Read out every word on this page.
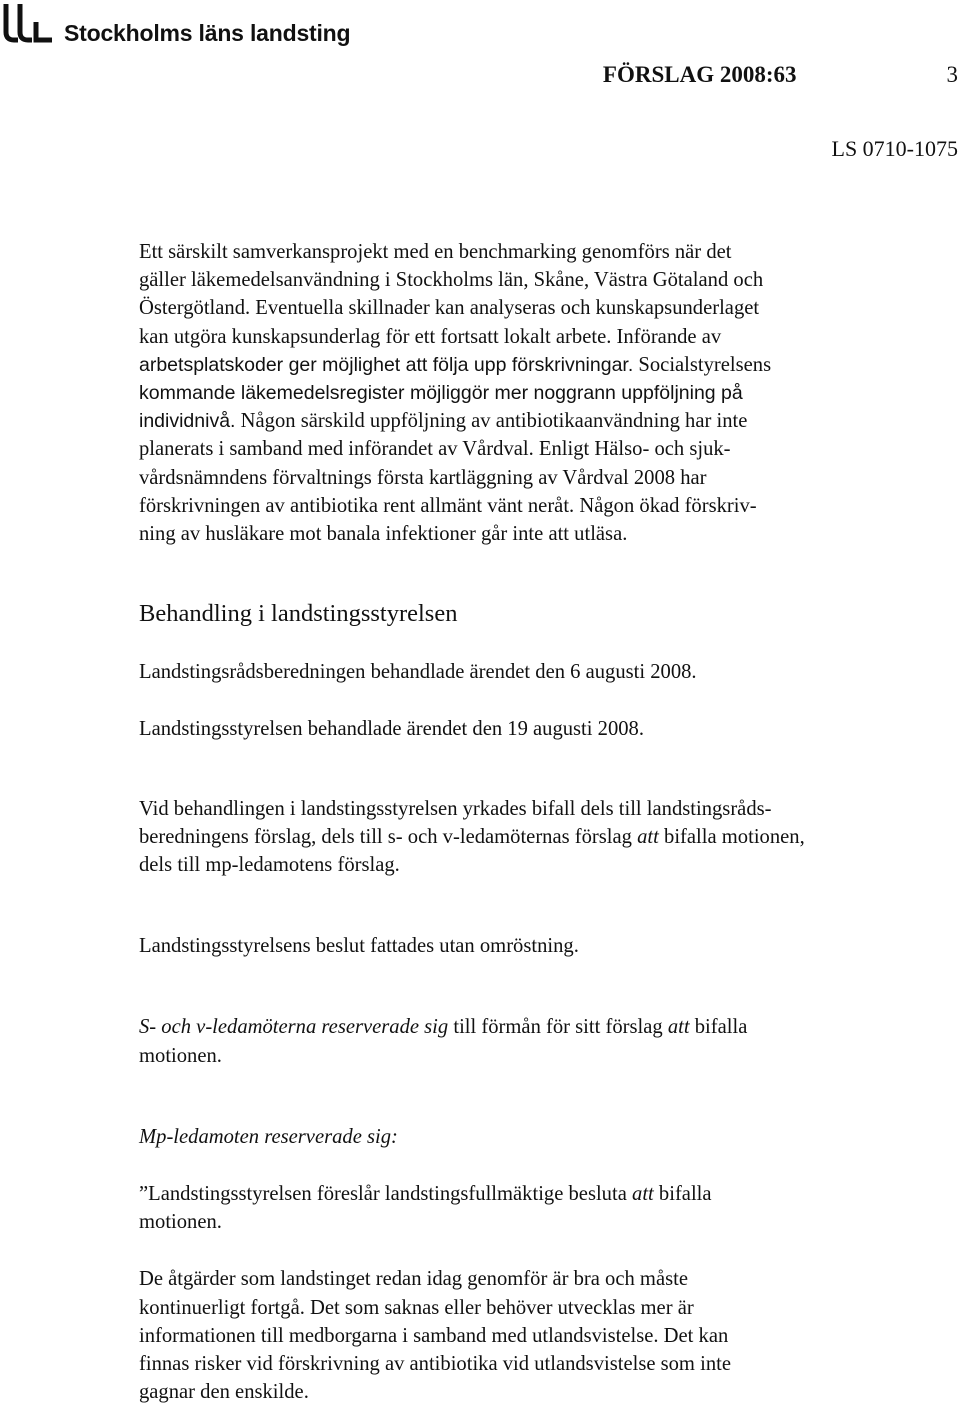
Stockholms läns landsting
FÖRSLAG 2008:63	3
LS 0710-1075

Ett särskilt samverkansprojekt med en benchmarking genomförs när det
gäller läkemedelsanvändning i Stockholms län, Skåne, Västra Götaland och
Östergötland. Eventuella skillnader kan analyseras och kunskapsunderlaget
kan utgöra kunskapsunderlag för ett fortsatt lokalt arbete. Införande av

arbetsplatskoder ger möjlighet att följa upp förskrivningar. Socialstyrelsens
kommande läkemedelsregister möjliggör mer noggrann uppföljning på
individnivå. Någon särskild uppföljning av antibiotikaanvändning har inte
planerats i samband med införandet av Vårdval. Enligt Hälso- och sjuk-
vårdsnämndens förvaltnings första kartläggning av Vårdval 2008 har
förskrivningen av antibiotika rent allmänt vänt neråt. Någon ökad förskriv-
ning av husläkare mot banala infektioner går inte att utläsa.

Behandling i landstingsstyrelsen

Landstingsrådsberedningen behandlade ärendet den 6 augusti 2008.

Landstingsstyrelsen behandlade ärendet den 19 augusti 2008.

Vid behandlingen i landstingsstyrelsen yrkades bifall dels till landstingsråds-
beredningens förslag, dels till s- och v-ledamöternas förslag att bifalla motionen,
dels till mp-ledamotens förslag.

Landstingsstyrelsens beslut fattades utan omröstning.

S- och v-ledamöterna reserverade sig till förmån för sitt förslag att bifalla
motionen.

Mp-ledamoten reserverade sig:

”Landstingsstyrelsen föreslår landstingsfullmäktige besluta att bifalla
motionen.

De åtgärder som landstinget redan idag genomför är bra och måste
kontinuerligt fortgå. Det som saknas eller behöver utvecklas mer är
informationen till medborgarna i samband med utlandsvistelse. Det kan
finnas risker vid förskrivning av antibiotika vid utlandsvistelse som inte
gagnar den enskilde.
